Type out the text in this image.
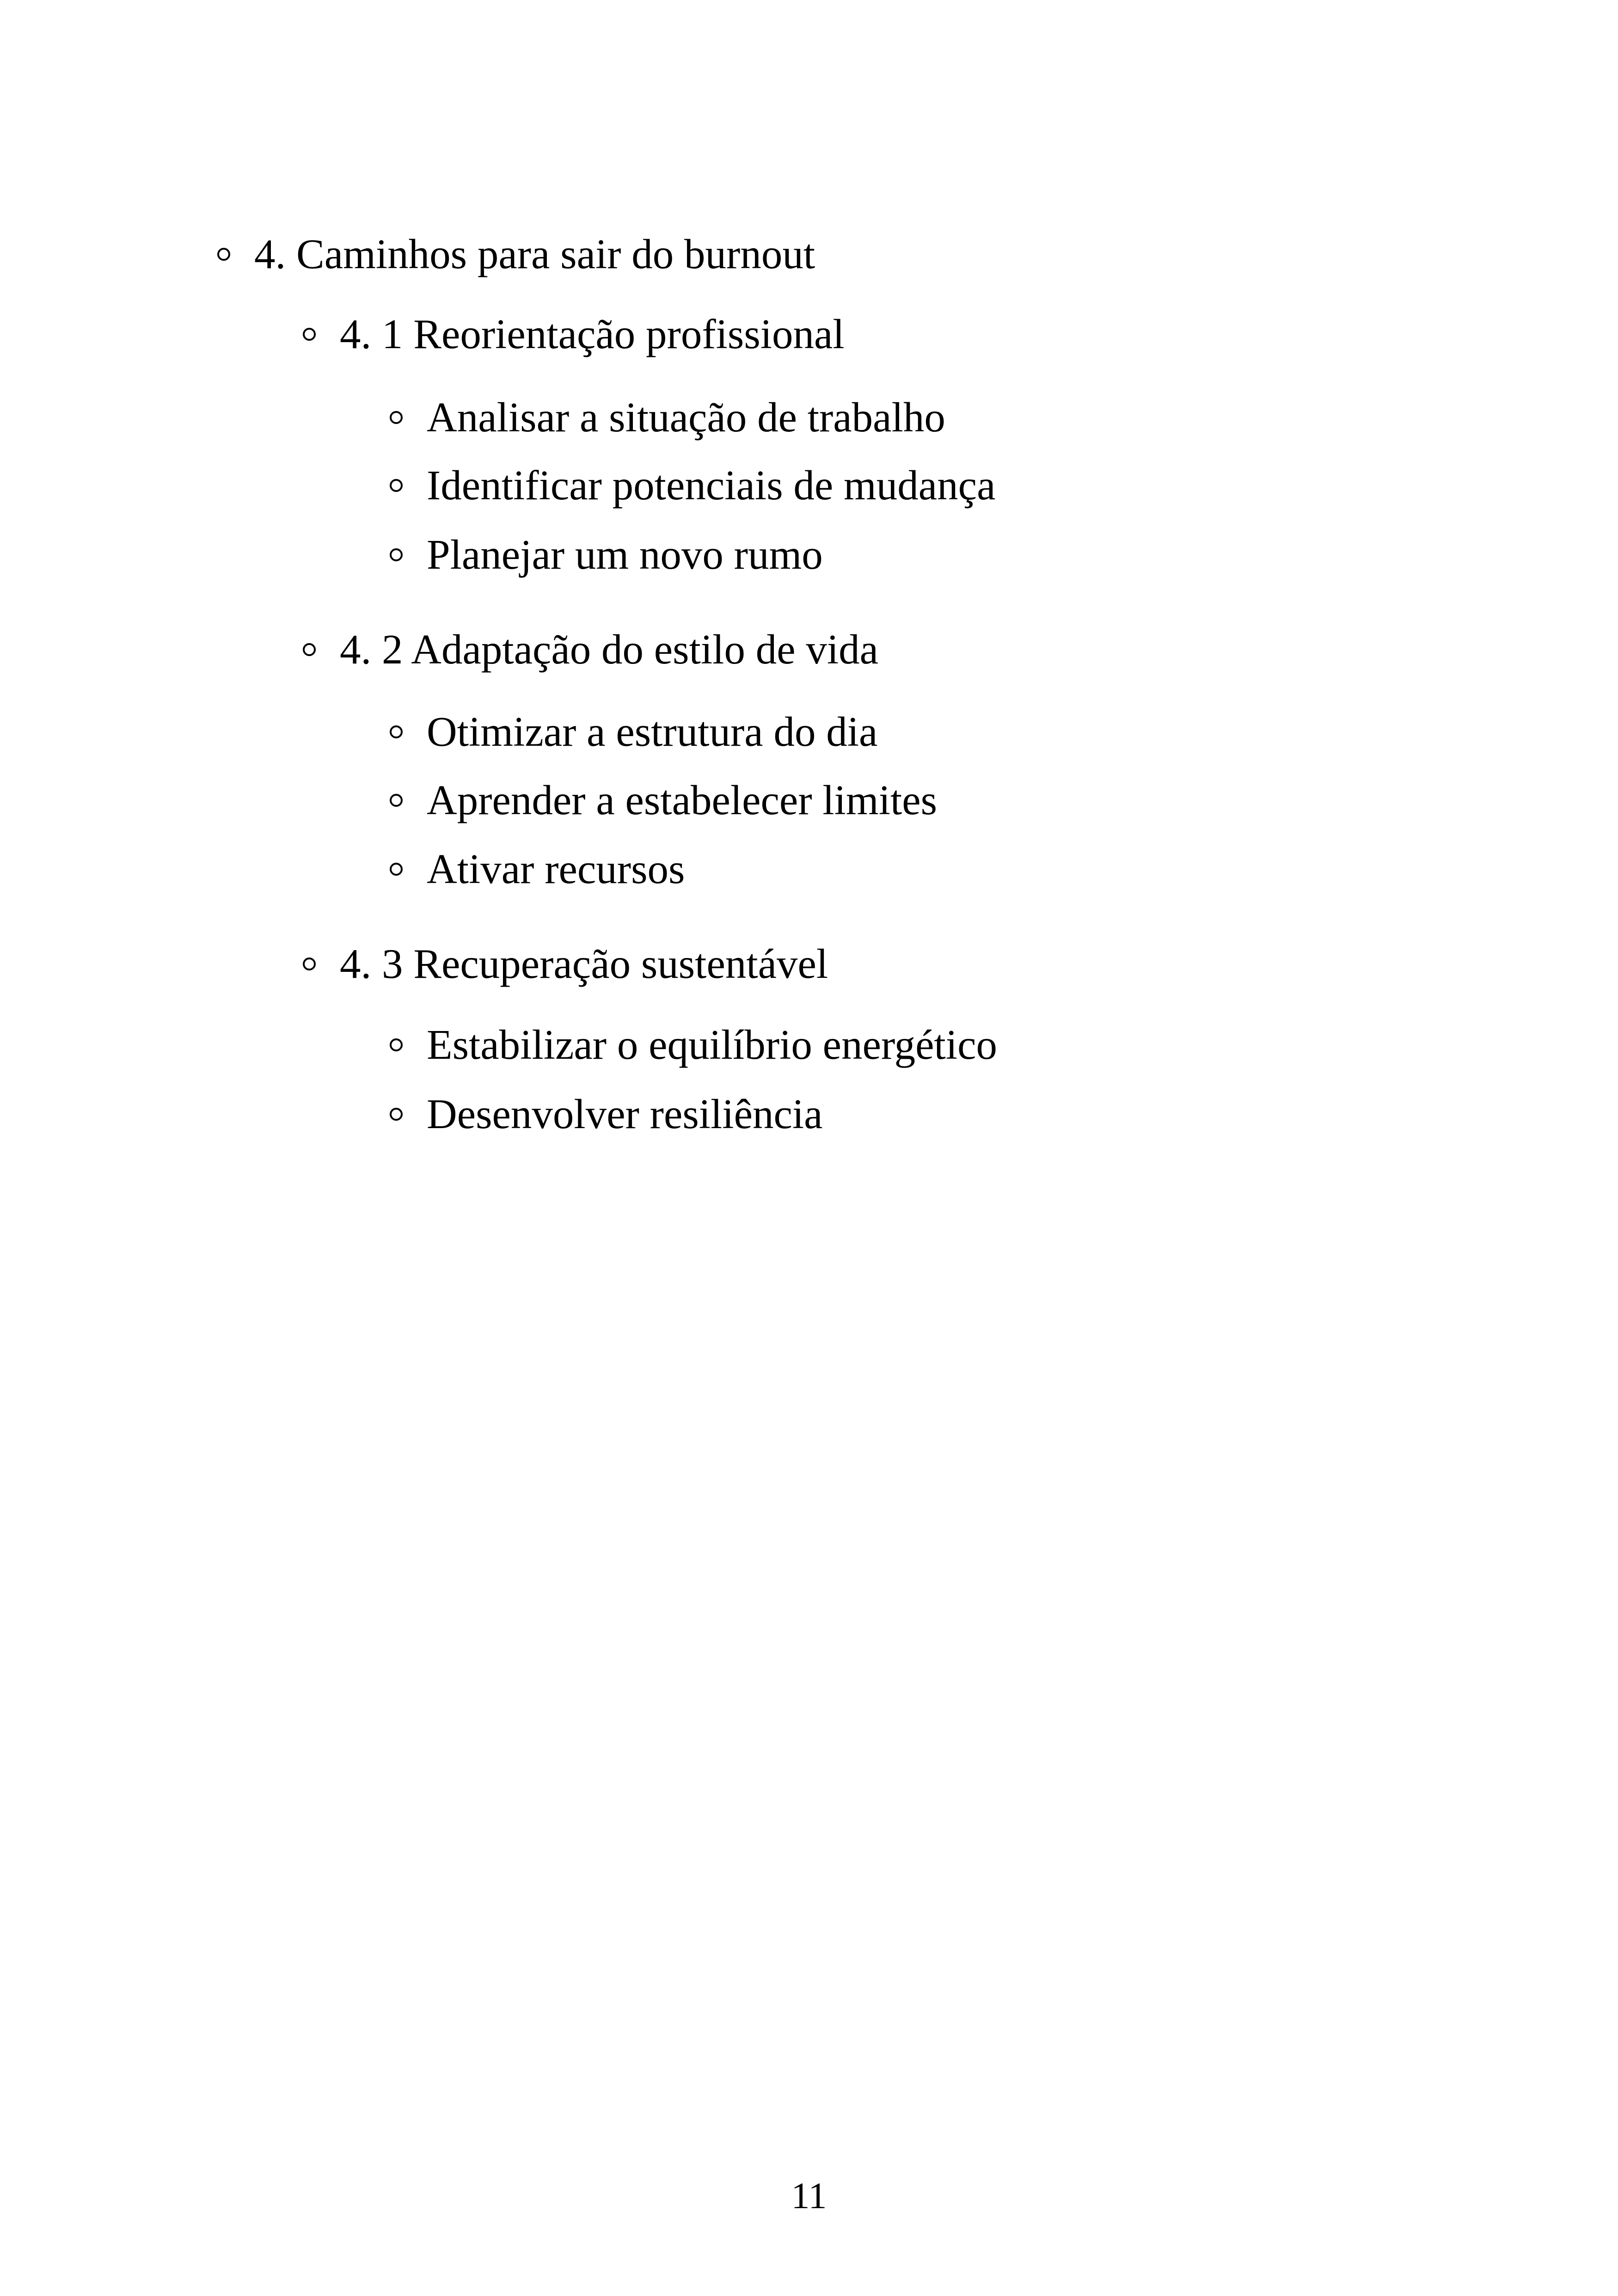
4. Caminhos para sair do burnout
4. 1 Reorientação profissional
Analisar a situação de trabalho
Identificar potenciais de mudança
Planejar um novo rumo
4. 2 Adaptação do estilo de vida
Otimizar a estrutura do dia
Aprender a estabelecer limites
Ativar recursos
4. 3 Recuperação sustentável
Estabilizar o equilíbrio energético
Desenvolver resiliência
11
